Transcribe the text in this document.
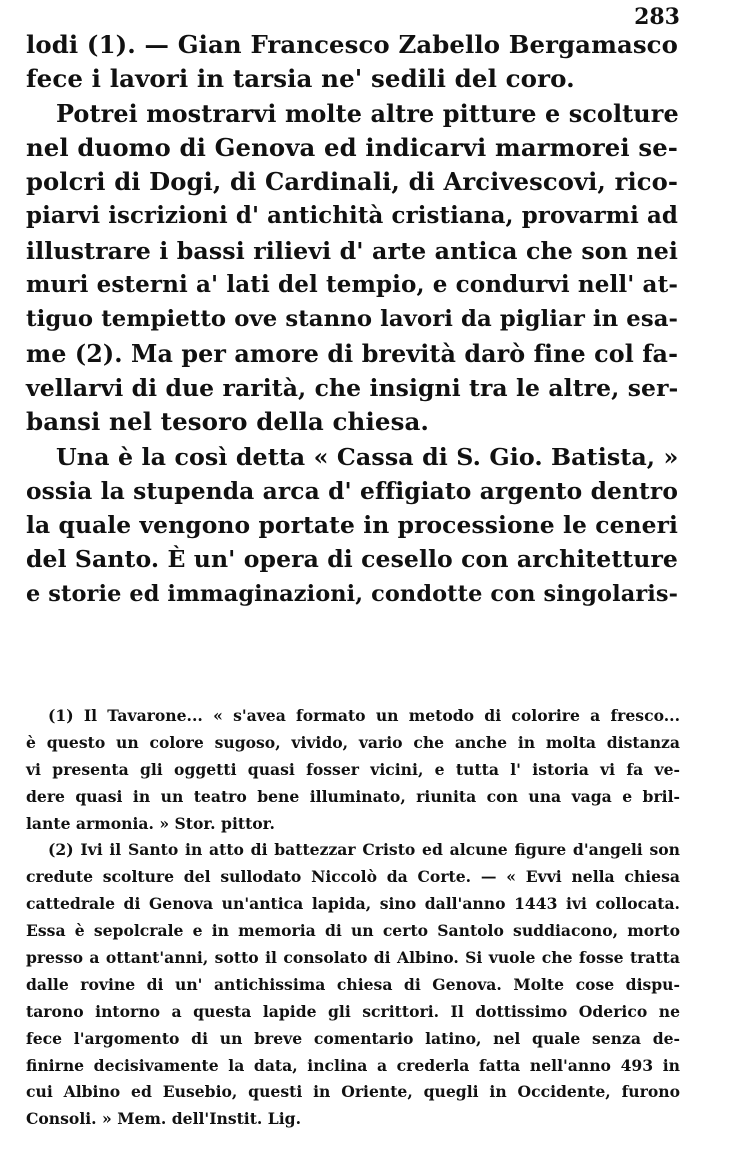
283
lodi (1). — Gian Francesco Zabello Bergamasco
fece i lavori in tarsia ne' sedili del coro.
Potrei mostrarvi molte altre pitture e scolture
nel duomo di Genova ed indicarvi marmorei se-
polcri di Dogi, di Cardinali, di Arcivescovi, rico-
piarvi iscrizioni d' antichità cristiana, provarmi ad
illustrare i bassi rilievi d' arte antica che son nei
muri esterni a' lati del tempio, e condurvi nell' at-
tiguo tempietto ove stanno lavori da pigliar in esa-
me (2). Ma per amore di brevità darò fine col fa-
vellarvi di due rarità, che insigni tra le altre, ser-
bansi nel tesoro della chiesa.
Una è la così detta « Cassa di S. Gio. Batista, »
ossia la stupenda arca d' effigiato argento dentro
la quale vengono portate in processione le ceneri
del Santo. È un' opera di cesello con architetture
e storie ed immaginazioni, condotte con singolaris-
(1) Il Tavarone... « s'avea formato un metodo di colorire a fresco...
è questo un colore sugoso, vivido, vario che anche in molta distanza
vi presenta gli oggetti quasi fosser vicini, e tutta l' istoria vi fa ve-
dere quasi in un teatro bene illuminato, riunita con una vaga e bril-
lante armonia. » Stor. pittor.
(2) Ivi il Santo in atto di battezzar Cristo ed alcune figure d'angeli son
credute scolture del sullodato Niccolò da Corte. — « Evvi nella chiesa
cattedrale di Genova un'antica lapida, sino dall'anno 1443 ivi collocata.
Essa è sepolcrale e in memoria di un certo Santolo suddiacono, morto
presso a ottant'anni, sotto il consolato di Albino. Si vuole che fosse tratta
dalle rovine di un' antichissima chiesa di Genova. Molte cose dispu-
tarono intorno a questa lapide gli scrittori. Il dottissimo Oderico ne
fece l'argomento di un breve comentario latino, nel quale senza de-
finirne decisivamente la data, inclina a crederla fatta nell'anno 493 in
cui Albino ed Eusebio, questi in Oriente, quegli in Occidente, furono
Consoli. » Mem. dell'Instit. Lig.
